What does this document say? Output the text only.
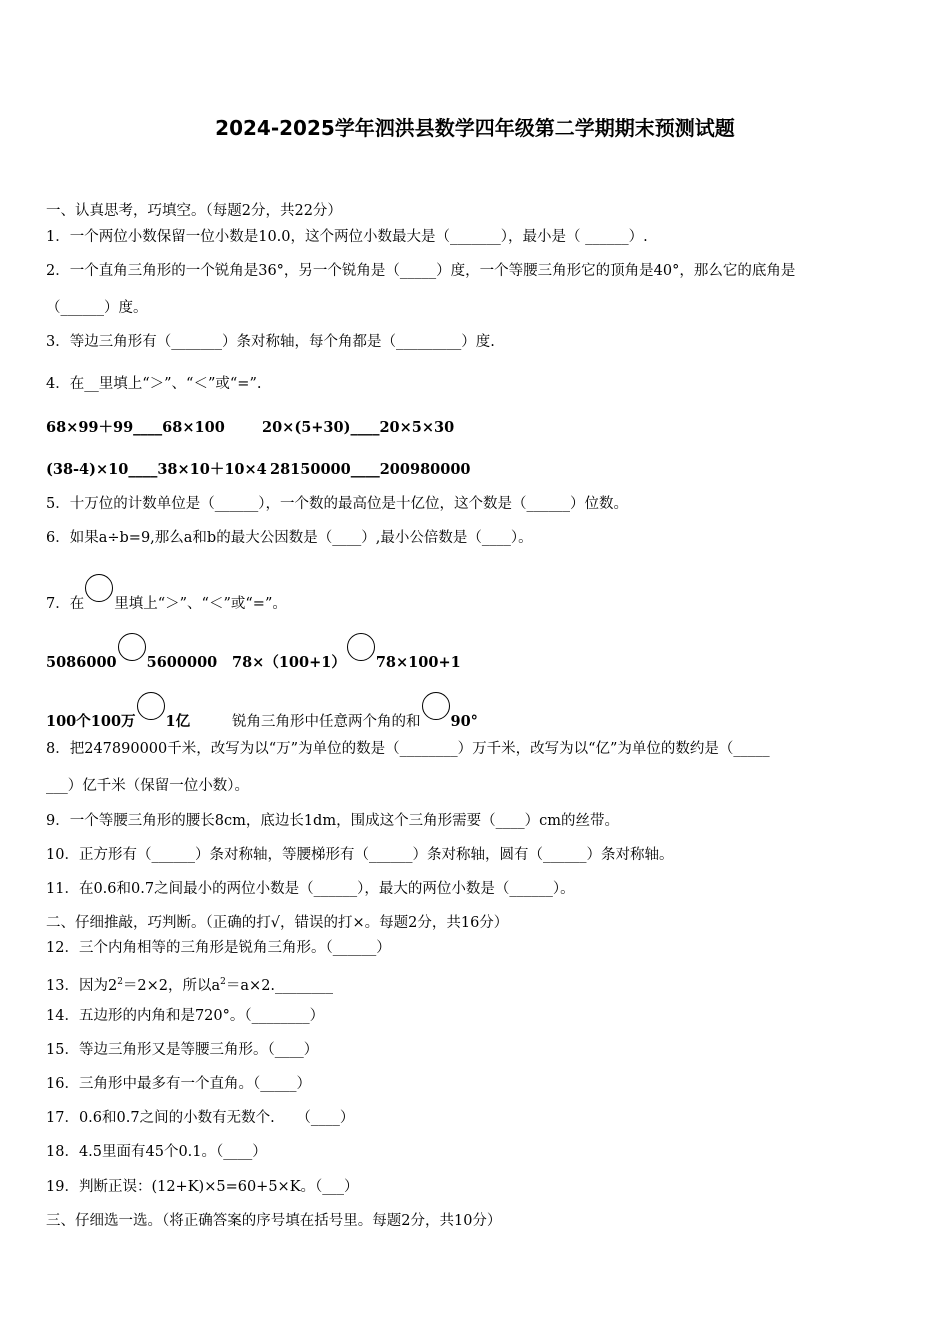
2024-2025学年泗洪县数学四年级第二学期期末预测试题
一、认真思考，巧填空。（每题2分，共22分）
1．一个两位小数保留一位小数是10.0，这个两位小数最大是（_______），最小是（ ______）.
2．一个直角三角形的一个锐角是36°，另一个锐角是（_____）度，一个等腰三角形它的顶角是40°，那么它的底角是
（______）度。
3．等边三角形有（_______）条对称轴，每个角都是（_________）度.
4．在__里填上“＞”、“＜”或“=”.
68×99＋99____68×100	20×(5+30)____20×5×30
(38-4)×10____38×10＋10×4 28150000____200980000
5．十万位的计数单位是（______），一个数的最高位是十亿位，这个数是（______）位数。
6．如果a÷b=9,那么a和b的最大公因数是（____）,最小公倍数是（____）。
7．在 里填上“＞”、“＜”或“=”。
5086000 5600000 78×（100+1） 78×100+1
100个100万 1亿	锐角三角形中任意两个角的和 90°
8．把247890000千米，改写为以“万”为单位的数是（________）万千米，改写为以“亿”为单位的数约是（_____
___）亿千米（保留一位小数）。
9．一个等腰三角形的腰长8cm，底边长1dm，围成这个三角形需要（____）cm的丝带。
10．正方形有（______）条对称轴，等腰梯形有（______）条对称轴，圆有（______）条对称轴。
11．在0.6和0.7之间最小的两位小数是（______），最大的两位小数是（______）。
二、仔细推敲，巧判断。（正确的打√，错误的打×。每题2分，共16分）
12．三个内角相等的三角形是锐角三角形。（______）
13．因为$2^2=2\times 2$，所以$a^2=a\times 2.\_\_\_\_\_\_\_\_$
14．五边形的内角和是720°。（________）
15．等边三角形又是等腰三角形。（____）
16．三角形中最多有一个直角。（_____）
17．0.6和0.7之间的小数有无数个.　　（____）
18．4.5里面有45个0.1。（____）
19．判断正误：(12+K)×5=60+5×K。（___）
三、仔细选一选。（将正确答案的序号填在括号里。每题2分，共10分）
